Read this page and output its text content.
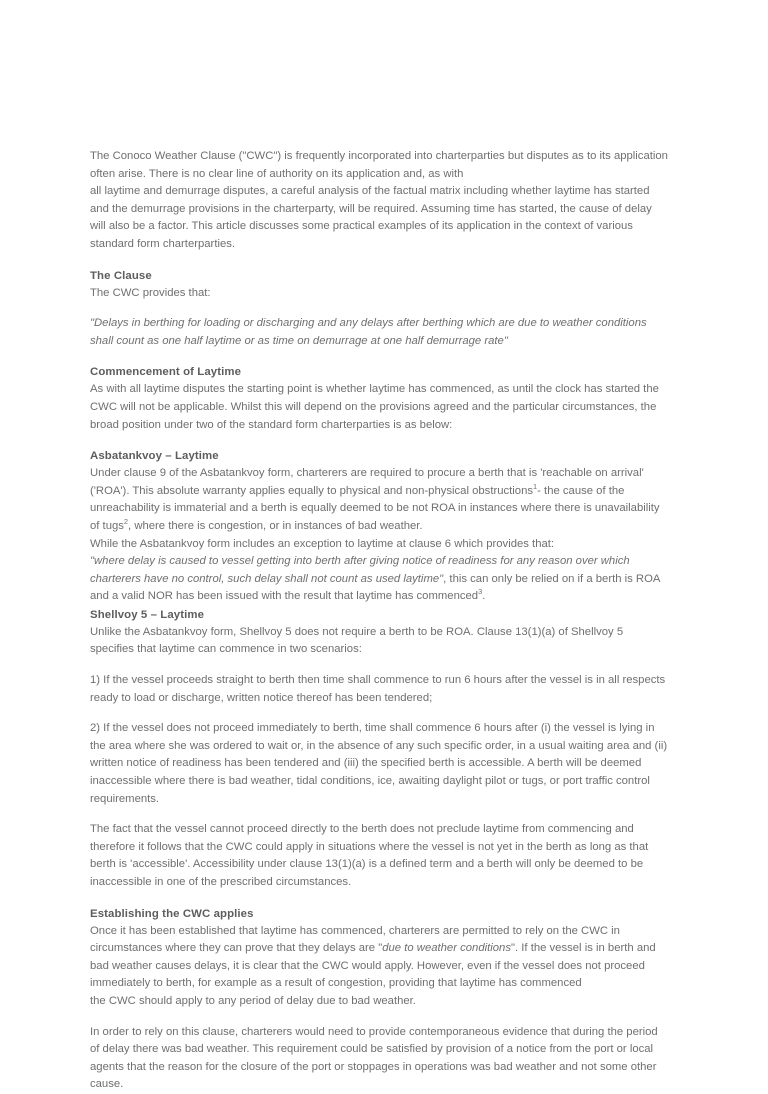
The Conoco Weather Clause ("CWC") is frequently incorporated into charterparties but disputes as to its application often arise. There is no clear line of authority on its application and, as with

all laytime and demurrage disputes, a careful analysis of the factual matrix including whether laytime has started and the demurrage provisions in the charterparty, will be required. Assuming time has started, the cause of delay will also be a factor. This article discusses some practical examples of its application in the context of various standard form charterparties.

The Clause

The CWC provides that:

"Delays in berthing for loading or discharging and any delays after berthing which are due to weather conditions shall count as one half laytime or as time on demurrage at one half demurrage rate"

Commencement of Laytime

As with all laytime disputes the starting point is whether laytime has commenced, as until the clock has started the CWC will not be applicable. Whilst this will depend on the provisions agreed and the particular circumstances, the broad position under two of the standard form charterparties is as below:

Asbatankvoy – Laytime

Under clause 9 of the Asbatankvoy form, charterers are required to procure a berth that is 'reachable on arrival' ('ROA'). This absolute warranty applies equally to physical and non-physical obstructions$^1$- the cause of the unreachability is immaterial and a berth is equally deemed to be not ROA in instances where there is unavailability of tugs$^2$, where there is congestion, or in instances of bad weather.

While the Asbatankvoy form includes an exception to laytime at clause 6 which provides that:

"where delay is caused to vessel getting into berth after giving notice of readiness for any reason over which charterers have no control, such delay shall not count as used laytime", this can only be relied on if a berth is ROA and a valid NOR has been issued with the result that laytime has commenced$^3$.

Shellvoy 5 – Laytime

Unlike the Asbatankvoy form, Shellvoy 5 does not require a berth to be ROA. Clause 13(1)(a) of Shellvoy 5 specifies that laytime can commence in two scenarios:

1) If the vessel proceeds straight to berth then time shall commence to run 6 hours after the vessel is in all respects ready to load or discharge, written notice thereof has been tendered;

2) If the vessel does not proceed immediately to berth, time shall commence 6 hours after (i) the vessel is lying in the area where she was ordered to wait or, in the absence of any such specific order, in a usual waiting area and (ii) written notice of readiness has been tendered and (iii) the specified berth is accessible. A berth will be deemed inaccessible where there is bad weather, tidal conditions, ice, awaiting daylight pilot or tugs, or port traffic control requirements.

The fact that the vessel cannot proceed directly to the berth does not preclude laytime from commencing and therefore it follows that the CWC could apply in situations where the vessel is not yet in the berth as long as that berth is 'accessible'. Accessibility under clause 13(1)(a) is a defined term and a berth will only be deemed to be inaccessible in one of the prescribed circumstances.

Establishing the CWC applies

Once it has been established that laytime has commenced, charterers are permitted to rely on the CWC in circumstances where they can prove that they delays are "due to weather conditions". If the vessel is in berth and bad weather causes delays, it is clear that the CWC would apply. However, even if the vessel does not proceed immediately to berth, for example as a result of congestion, providing that laytime has commenced

the CWC should apply to any period of delay due to bad weather.

In order to rely on this clause, charterers would need to provide contemporaneous evidence that during the period of delay there was bad weather. This requirement could be satisfied by provision of a notice from the port or local agents that the reason for the closure of the port or stoppages in operations was bad weather and not some other cause.
